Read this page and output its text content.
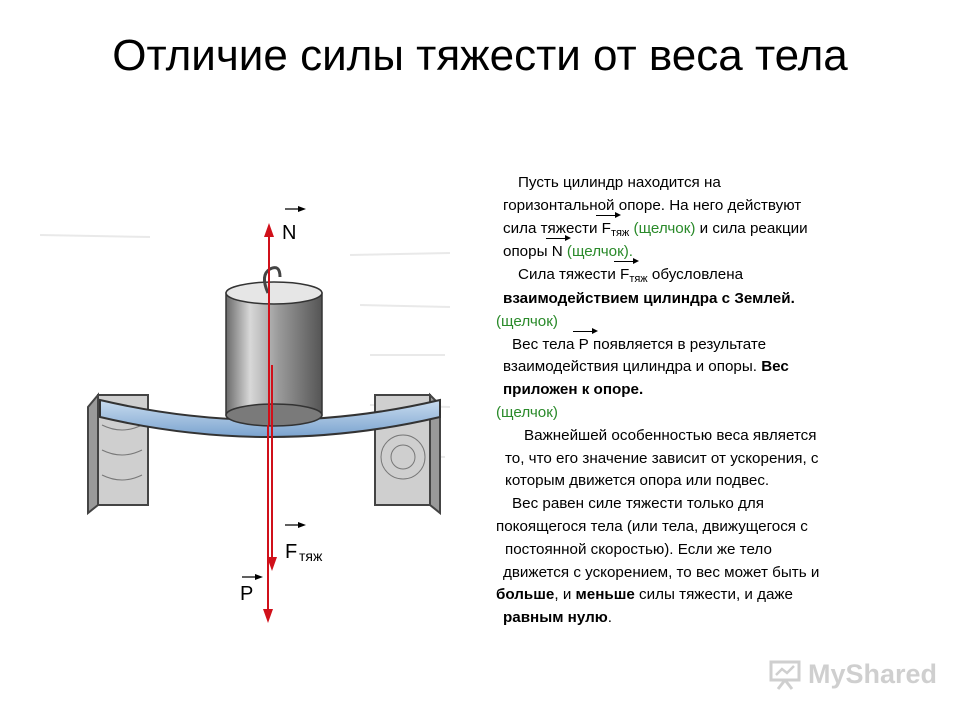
Отличие силы тяжести от веса тела
N
F тяж
P
Пусть цилиндр находится на
горизонтальной опоре. На него действуют
сила тяжести Fтяж (щелчок) и сила реакции
опоры N (щелчок).
Сила тяжести Fтяж обусловлена
взаимодействием цилиндра с Землей.
(щелчок)
Вес тела P появляется в результате
взаимодействия цилиндра и опоры. Вес
приложен к опоре.
(щелчок)
Важнейшей особенностью веса является
то, что его значение зависит от ускорения, с
которым движется опора или подвес.
Вес равен силе тяжести только для
покоящегося тела (или тела, движущегося с
постоянной скоростью). Если же тело
движется с ускорением, то вес может быть и
больше, и меньше силы тяжести, и даже
равным нулю.
MyShared
